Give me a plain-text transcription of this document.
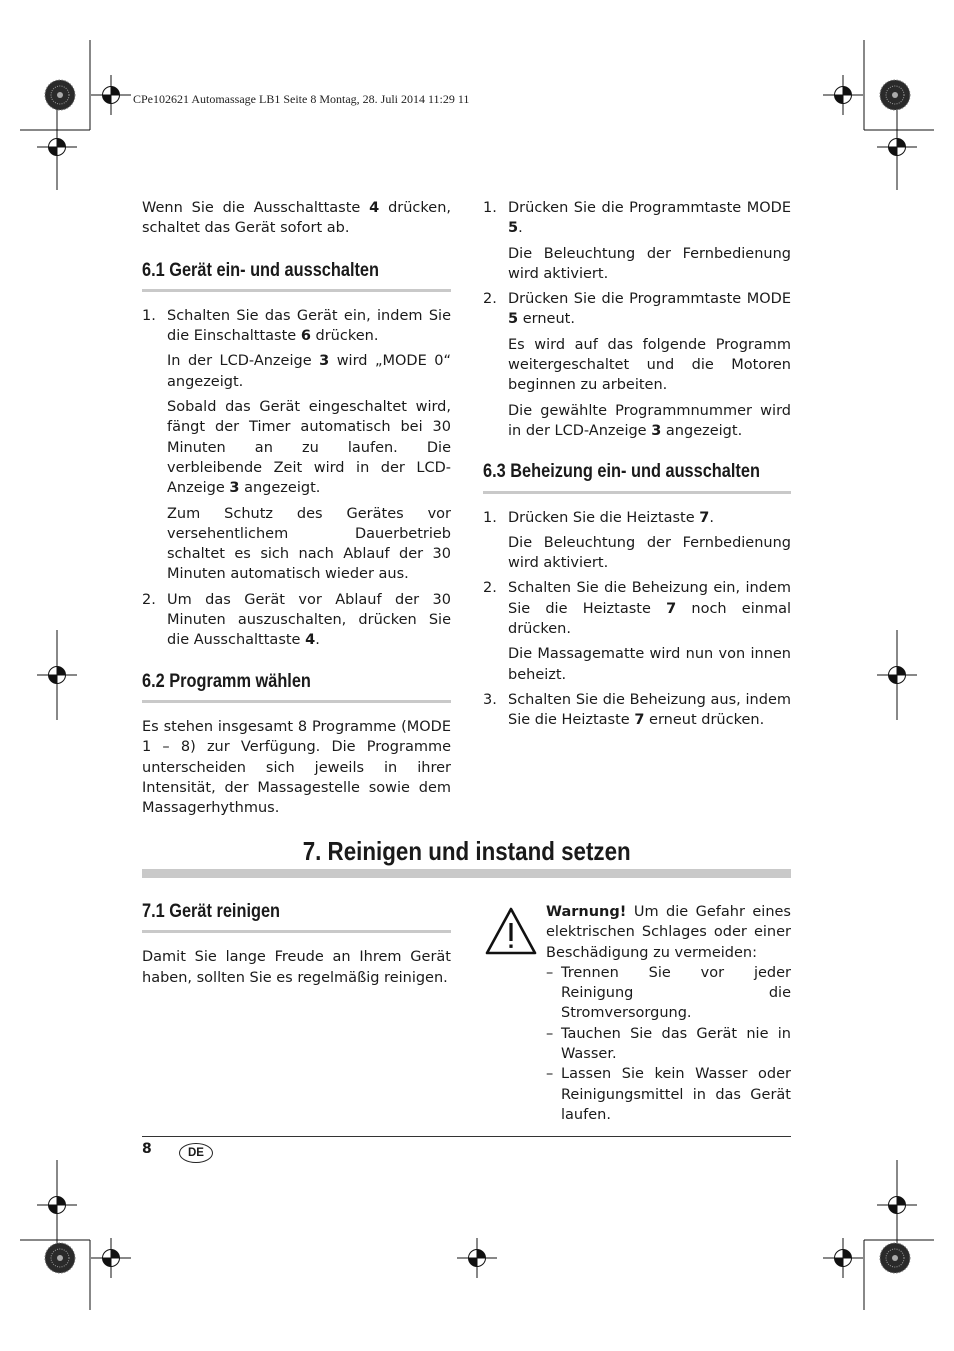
CPe102621 Automassage LB1 Seite 8 Montag, 28. Juli 2014 11:29 11

Wenn Sie die Ausschalttaste 4 drücken, schaltet das Gerät sofort ab.

6.1 Gerät ein- und ausschalten
1. Schalten Sie das Gerät ein, indem Sie die Einschalttaste 6 drücken.
In der LCD-Anzeige 3 wird „MODE 0“ angezeigt.
Sobald das Gerät eingeschaltet wird, fängt der Timer automatisch bei 30 Minuten an zu laufen. Die verbleibende Zeit wird in der LCD-Anzeige 3 angezeigt.
Zum Schutz des Gerätes vor versehentlichem Dauerbetrieb schaltet es sich nach Ablauf der 30 Minuten automatisch wieder aus.
2. Um das Gerät vor Ablauf der 30 Minuten auszuschalten, drücken Sie die Ausschalttaste 4.
6.2 Programm wählen

Es stehen insgesamt 8 Programme (MODE 1 – 8) zur Verfügung. Die Programme unterscheiden sich jeweils in ihrer Intensität, der Massagestelle sowie dem Massagerhythmus.

1. Drücken Sie die Programmtaste MODE 5.
Die Beleuchtung der Fernbedienung wird aktiviert.
2. Drücken Sie die Programmtaste MODE 5 erneut.
Es wird auf das folgende Programm weitergeschaltet und die Motoren beginnen zu arbeiten.
Die gewählte Programmnummer wird in der LCD-Anzeige 3 angezeigt.
6.3 Beheizung ein- und ausschalten
1. Drücken Sie die Heiztaste 7.
Die Beleuchtung der Fernbedienung wird aktiviert.
2. Schalten Sie die Beheizung ein, indem Sie die Heiztaste 7 noch einmal drücken.
Die Massagematte wird nun von innen beheizt.
3. Schalten Sie die Beheizung aus, indem Sie die Heiztaste 7 erneut drücken.
7. Reinigen und instand setzen
7.1 Gerät reinigen

Damit Sie lange Freude an Ihrem Gerät haben, sollten Sie es regelmäßig reinigen.

Warnung! Um die Gefahr eines elektrischen Schlages oder einer Beschädigung zu vermeiden:
– Trennen Sie vor jeder Reinigung die Stromversorgung.
– Tauchen Sie das Gerät nie in Wasser.
– Lassen Sie kein Wasser oder Reinigungsmittel in das Gerät laufen.
8	DE
